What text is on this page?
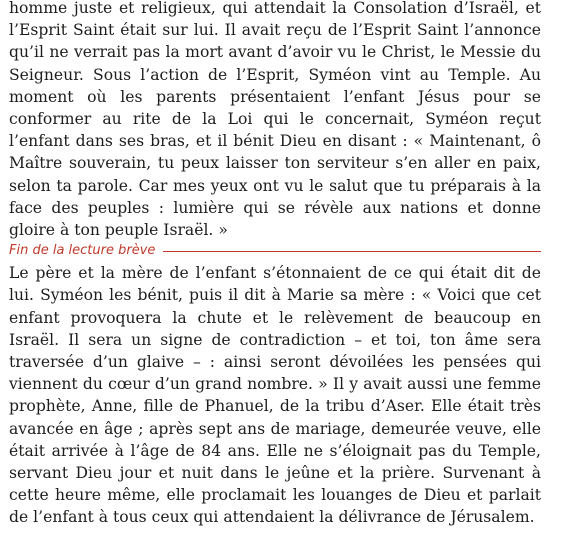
homme juste et religieux, qui attendait la Consolation d’Israël, et l’Esprit Saint était sur lui. Il avait reçu de l’Esprit Saint l’annonce qu’il ne verrait pas la mort avant d’avoir vu le Christ, le Messie du Seigneur. Sous l’action de l’Esprit, Syméon vint au Temple. Au moment où les parents présentaient l’enfant Jésus pour se conformer au rite de la Loi qui le concernait, Syméon reçut l’enfant dans ses bras, et il bénit Dieu en disant : « Maintenant, ô Maître souverain, tu peux laisser ton serviteur s’en aller en paix, selon ta parole. Car mes yeux ont vu le salut que tu préparais à la face des peuples : lumière qui se révèle aux nations et donne gloire à ton peuple Israël. »

Fin de la lecture brève

Le père et la mère de l’enfant s’étonnaient de ce qui était dit de lui. Syméon les bénit, puis il dit à Marie sa mère : « Voici que cet enfant provoquera la chute et le relèvement de beaucoup en Israël. Il sera un signe de contradiction – et toi, ton âme sera traversée d’un glaive – : ainsi seront dévoilées les pensées qui viennent du cœur d’un grand nombre. » Il y avait aussi une femme prophète, Anne, fille de Phanuel, de la tribu d’Aser. Elle était très avancée en âge ; après sept ans de mariage, demeurée veuve, elle était arrivée à l’âge de 84 ans. Elle ne s’éloignait pas du Temple, servant Dieu jour et nuit dans le jeûne et la prière. Survenant à cette heure même, elle proclamait les louanges de Dieu et parlait de l’enfant à tous ceux qui attendaient la délivrance de Jérusalem.
